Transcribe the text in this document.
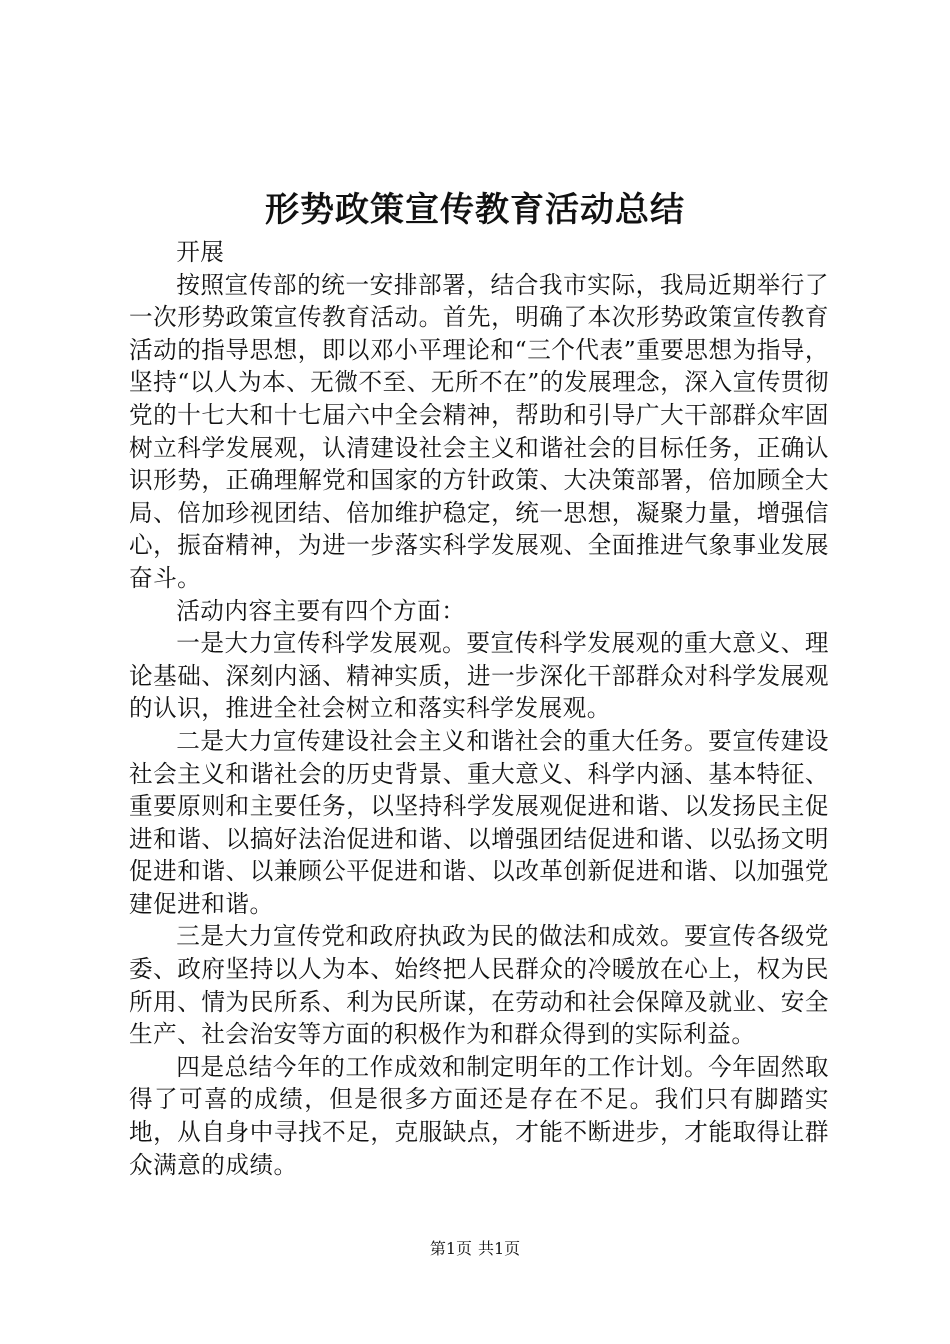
形势政策宣传教育活动总结

开展

按照宣传部的统一安排部署，结合我市实际，我局近期举行了一次形势政策宣传教育活动。首先，明确了本次形势政策宣传教育活动的指导思想，即以邓小平理论和“三个代表”重要思想为指导，坚持“以人为本、无微不至、无所不在”的发展理念，深入宣传贯彻党的十七大和十七届六中全会精神，帮助和引导广大干部群众牢固树立科学发展观，认清建设社会主义和谐社会的目标任务，正确认识形势，正确理解党和国家的方针政策、大决策部署，倍加顾全大局、倍加珍视团结、倍加维护稳定，统一思想，凝聚力量，增强信心，振奋精神，为进一步落实科学发展观、全面推进气象事业发展奋斗。

活动内容主要有四个方面：

一是大力宣传科学发展观。要宣传科学发展观的重大意义、理论基础、深刻内涵、精神实质，进一步深化干部群众对科学发展观的认识，推进全社会树立和落实科学发展观。

二是大力宣传建设社会主义和谐社会的重大任务。要宣传建设社会主义和谐社会的历史背景、重大意义、科学内涵、基本特征、重要原则和主要任务，以坚持科学发展观促进和谐、以发扬民主促进和谐、以搞好法治促进和谐、以增强团结促进和谐、以弘扬文明促进和谐、以兼顾公平促进和谐、以改革创新促进和谐、以加强党建促进和谐。

三是大力宣传党和政府执政为民的做法和成效。要宣传各级党委、政府坚持以人为本、始终把人民群众的冷暖放在心上，权为民所用、情为民所系、利为民所谋，在劳动和社会保障及就业、安全生产、社会治安等方面的积极作为和群众得到的实际利益。

四是总结今年的工作成效和制定明年的工作计划。今年固然取得了可喜的成绩，但是很多方面还是存在不足。我们只有脚踏实地，从自身中寻找不足，克服缺点，才能不断进步，才能取得让群众满意的成绩。

第1页 共1页
